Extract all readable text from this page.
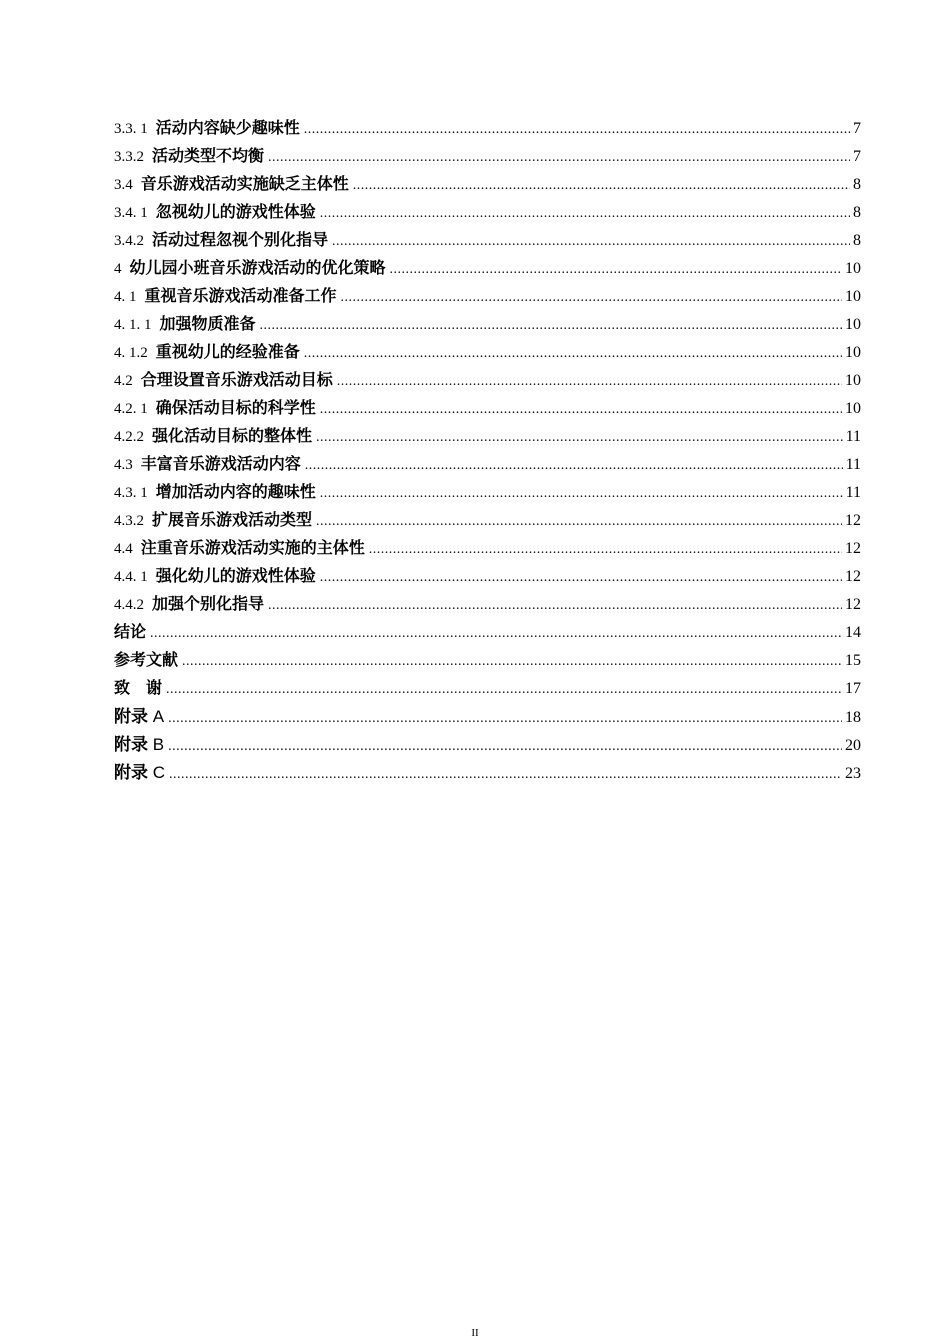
3.3. 1 活动内容缺少趣味性 .....	7
3.3.2 活动类型不均衡 .....	7
3.4 音乐游戏活动实施缺乏主体性 .....	8
3.4. 1 忽视幼儿的游戏性体验 .....	8
3.4.2 活动过程忽视个别化指导 .....	8
4 幼儿园小班音乐游戏活动的优化策略 .....	10
4. 1 重视音乐游戏活动准备工作 .....	10
4. 1. 1 加强物质准备 .....	10
4. 1.2 重视幼儿的经验准备 .....	10
4.2 合理设置音乐游戏活动目标 .....	10
4.2. 1 确保活动目标的科学性 .....	10
4.2.2 强化活动目标的整体性 .....	11
4.3 丰富音乐游戏活动内容 .....	11
4.3. 1 增加活动内容的趣味性 .....	11
4.3.2 扩展音乐游戏活动类型 .....	12
4.4 注重音乐游戏活动实施的主体性 .....	12
4.4. 1 强化幼儿的游戏性体验 .....	12
4.4.2 加强个别化指导 .....	12
结论 .....	14
参考文献 .....	15
致　谢 .....	17
附录 A .....	18
附录 B .....	20
附录 C .....	23
II
